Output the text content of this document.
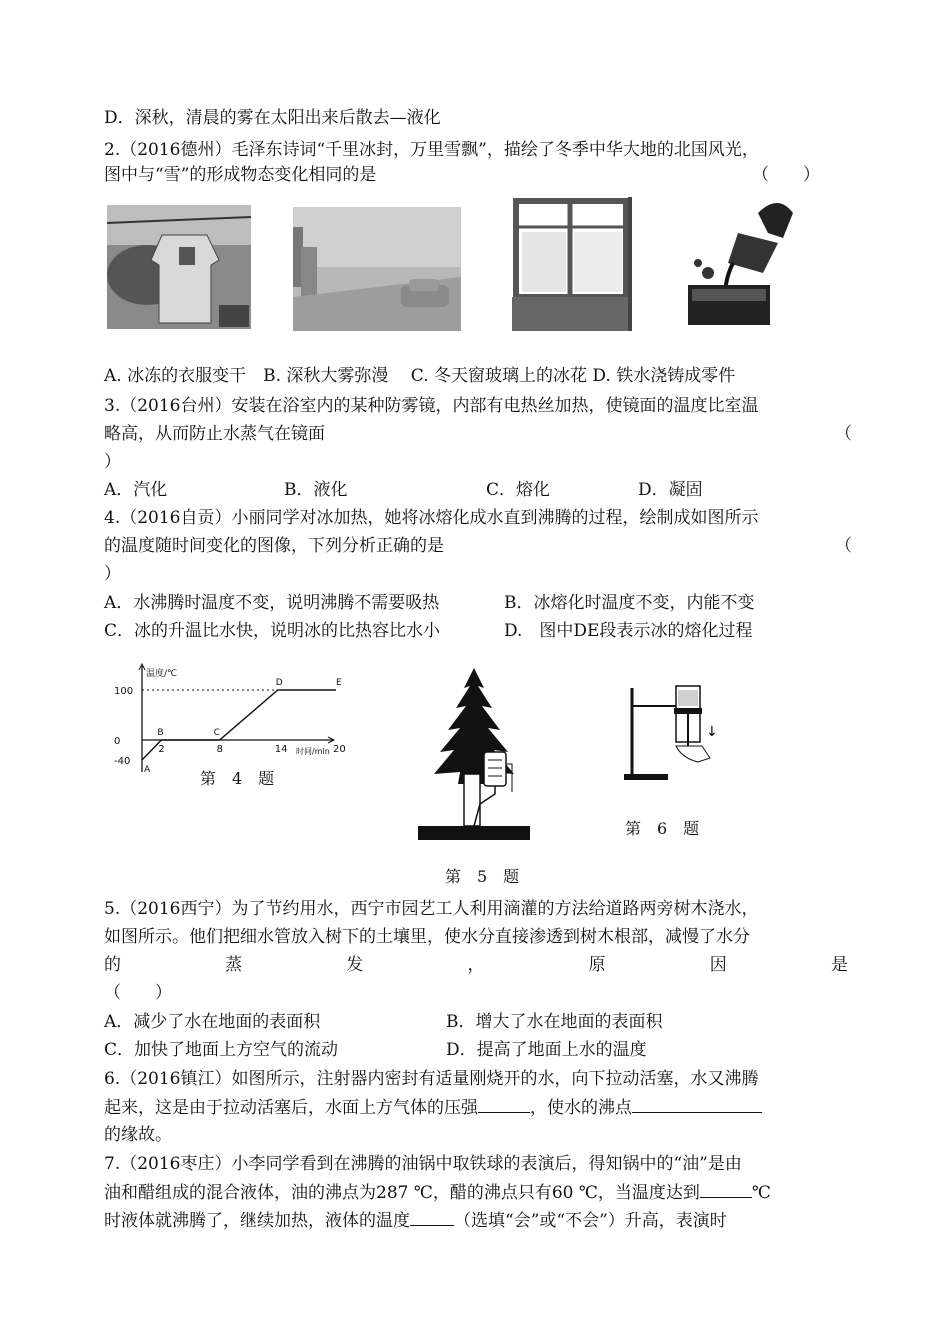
D．深秋，清晨的雾在太阳出来后散去—液化
2.（2016德州）毛泽东诗词“千里冰封，万里雪飘”，描绘了冬季中华大地的北国风光，
图中与“雪”的形成物态变化相同的是	（　　）
A. 冰冻的衣服变干　B. 深秋大雾弥漫　 C. 冬天窗玻璃上的冰花 D. 铁水浇铸成零件
3.（2016台州）安装在浴室内的某种防雾镜，内部有电热丝加热，使镜面的温度比室温
略高，从而防止水蒸气在镜面	（
）
A．汽化	B．液化	C．熔化	D．凝固
4.（2016自贡）小丽同学对冰加热，她将冰熔化成水直到沸腾的过程，绘制成如图所示
的温度随时间变化的图像，下列分析正确的是	（
）
A．水沸腾时温度不变，说明沸腾不需要吸热	B．冰熔化时温度不变，内能不变
C．冰的升温比水快，说明冰的比热容比水小	D.　图中DE段表示冰的熔化过程
温度/℃
时间/min
100
0
-40
2	8	14	20
A
B	C
D	E
第　4　题
第　5　题
↓
第　6　题
5.（2016西宁）为了节约用水，西宁市园艺工人利用滴灌的方法给道路两旁树木浇水，
如图所示。他们把细水管放入树下的土壤里，使水分直接渗透到树木根部，减慢了水分
的	蒸	发	，	原	因	是
（　　）
A．减少了水在地面的表面积	B．增大了水在地面的表面积
C．加快了地面上方空气的流动	D．提高了地面上水的温度
6.（2016镇江）如图所示，注射器内密封有适量刚烧开的水，向下拉动活塞，水又沸腾
起来，这是由于拉动活塞后，水面上方气体的压强	，使水的沸点
的缘故。
7.（2016枣庄）小李同学看到在沸腾的油锅中取铁球的表演后，得知锅中的“油”是由
油和醋组成的混合液体，油的沸点为287 ℃，醋的沸点只有60 ℃，当温度达到	℃
时液体就沸腾了，继续加热，液体的温度	（选填“会”或“不会”）升高，表演时
